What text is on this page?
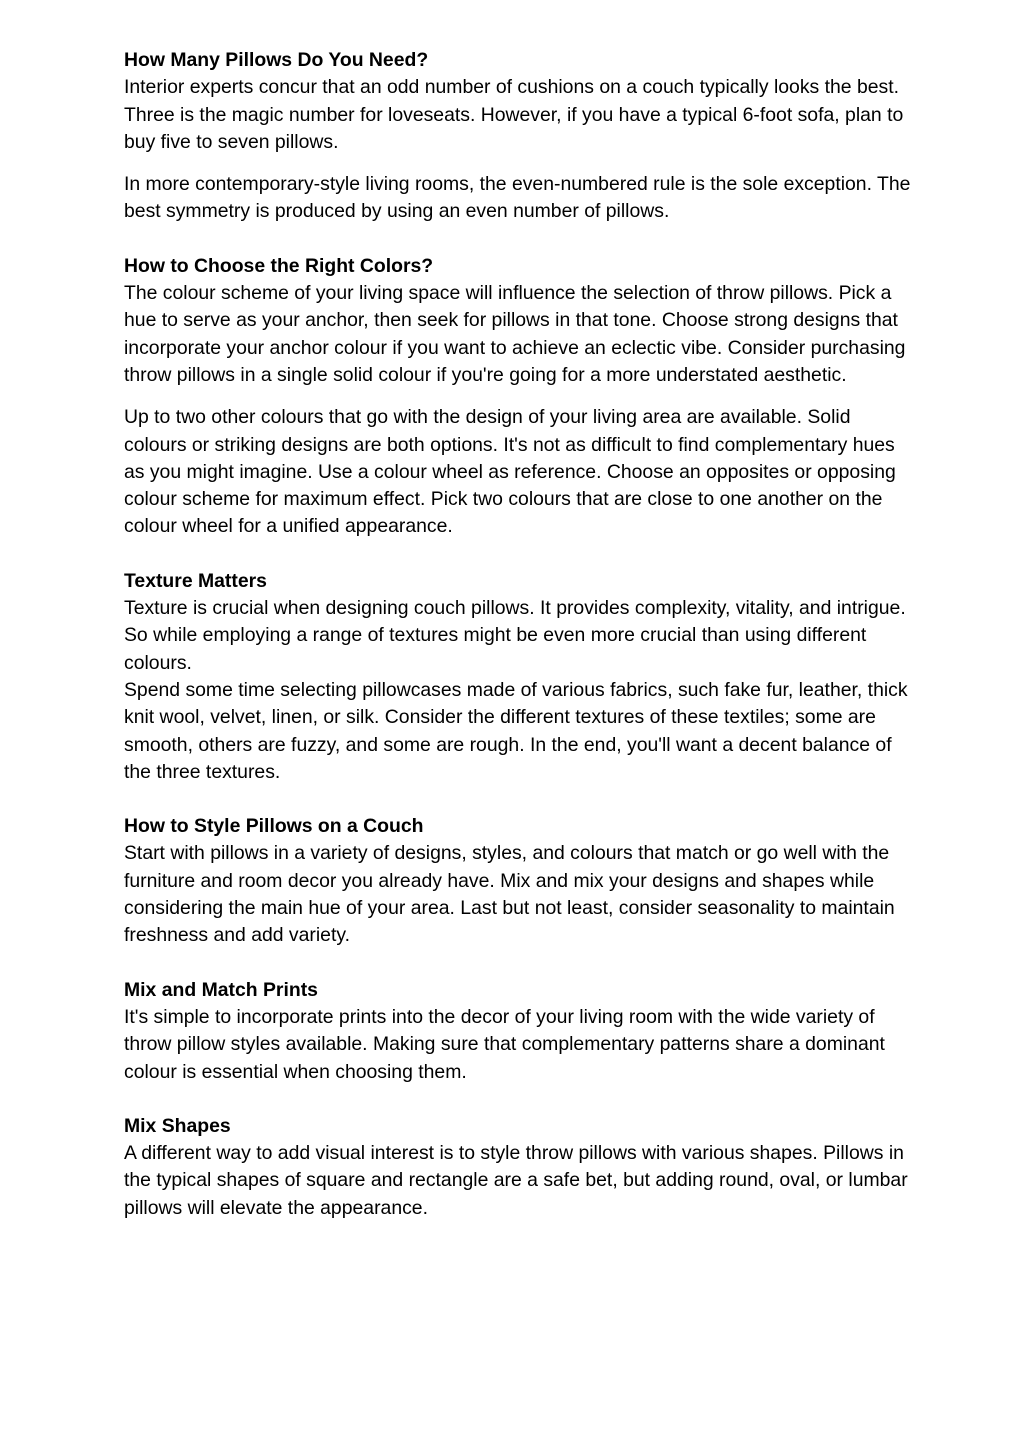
How Many Pillows Do You Need?

Interior experts concur that an odd number of cushions on a couch typically looks the best. Three is the magic number for loveseats. However, if you have a typical 6-foot sofa, plan to buy five to seven pillows.

In more contemporary-style living rooms, the even-numbered rule is the sole exception. The best symmetry is produced by using an even number of pillows.

How to Choose the Right Colors?

The colour scheme of your living space will influence the selection of throw pillows. Pick a hue to serve as your anchor, then seek for pillows in that tone. Choose strong designs that incorporate your anchor colour if you want to achieve an eclectic vibe. Consider purchasing throw pillows in a single solid colour if you're going for a more understated aesthetic.

Up to two other colours that go with the design of your living area are available. Solid colours or striking designs are both options. It's not as difficult to find complementary hues as you might imagine. Use a colour wheel as reference. Choose an opposites or opposing colour scheme for maximum effect. Pick two colours that are close to one another on the colour wheel for a unified appearance.

Texture Matters

Texture is crucial when designing couch pillows. It provides complexity, vitality, and intrigue. So while employing a range of textures might be even more crucial than using different colours.

Spend some time selecting pillowcases made of various fabrics, such fake fur, leather, thick knit wool, velvet, linen, or silk. Consider the different textures of these textiles; some are smooth, others are fuzzy, and some are rough. In the end, you'll want a decent balance of the three textures.

How to Style Pillows on a Couch

Start with pillows in a variety of designs, styles, and colours that match or go well with the furniture and room decor you already have. Mix and mix your designs and shapes while considering the main hue of your area. Last but not least, consider seasonality to maintain freshness and add variety.

Mix and Match Prints

It's simple to incorporate prints into the decor of your living room with the wide variety of throw pillow styles available. Making sure that complementary patterns share a dominant colour is essential when choosing them.

Mix Shapes

A different way to add visual interest is to style throw pillows with various shapes. Pillows in the typical shapes of square and rectangle are a safe bet, but adding round, oval, or lumbar pillows will elevate the appearance.
